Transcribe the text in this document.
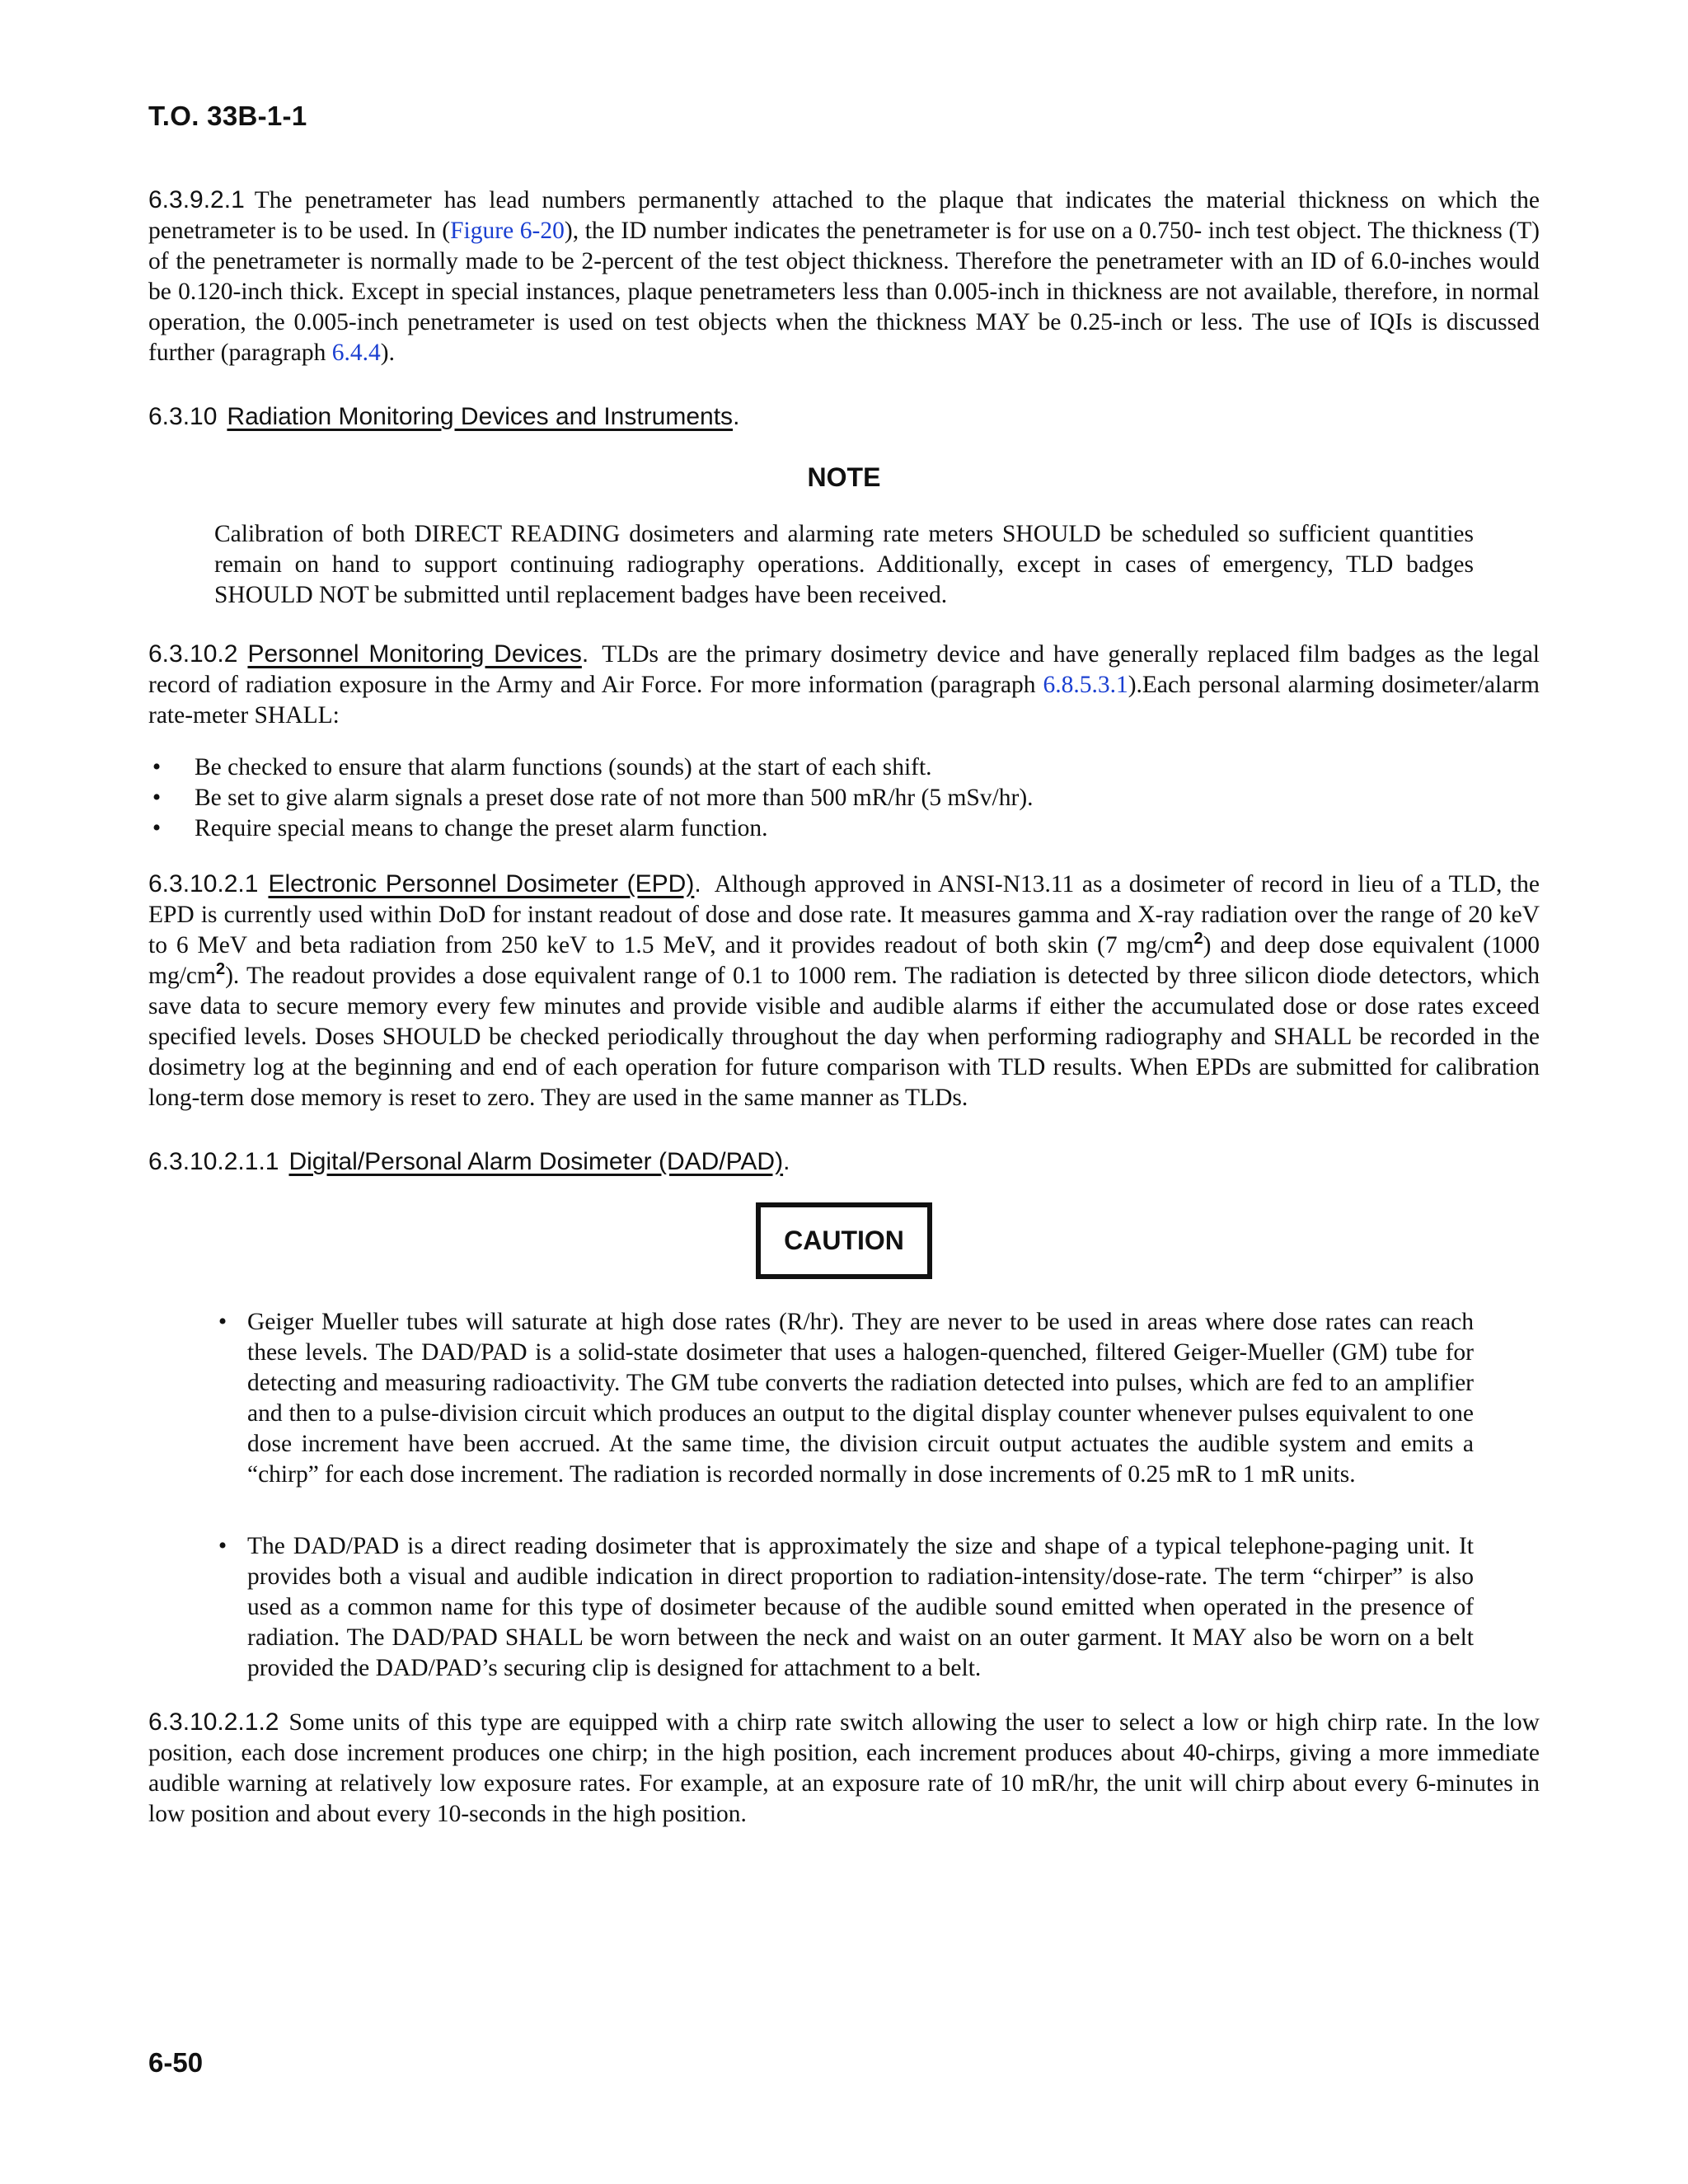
T.O. 33B-1-1

6.3.9.2.1 The penetrameter has lead numbers permanently attached to the plaque that indicates the material thickness on which the penetrameter is to be used. In (Figure 6-20), the ID number indicates the penetrameter is for use on a 0.750- inch test object. The thickness (T) of the penetrameter is normally made to be 2-percent of the test object thickness. Therefore the penetrameter with an ID of 6.0-inches would be 0.120-inch thick. Except in special instances, plaque penetrameters less than 0.005-inch in thickness are not available, therefore, in normal operation, the 0.005-inch penetrameter is used on test objects when the thickness MAY be 0.25-inch or less. The use of IQIs is discussed further (paragraph 6.4.4).

6.3.10 Radiation Monitoring Devices and Instruments.

NOTE

Calibration of both DIRECT READING dosimeters and alarming rate meters SHOULD be scheduled so sufficient quantities remain on hand to support continuing radiography operations. Additionally, except in cases of emergency, TLD badges SHOULD NOT be submitted until replacement badges have been received.

6.3.10.2 Personnel Monitoring Devices. TLDs are the primary dosimetry device and have generally replaced film badges as the legal record of radiation exposure in the Army and Air Force. For more information (paragraph 6.8.5.3.1).Each personal alarming dosimeter/alarm rate-meter SHALL:

• Be checked to ensure that alarm functions (sounds) at the start of each shift.
• Be set to give alarm signals a preset dose rate of not more than 500 mR/hr (5 mSv/hr).
• Require special means to change the preset alarm function.

6.3.10.2.1 Electronic Personnel Dosimeter (EPD). Although approved in ANSI-N13.11 as a dosimeter of record in lieu of a TLD, the EPD is currently used within DoD for instant readout of dose and dose rate. It measures gamma and X-ray radiation over the range of 20 keV to 6 MeV and beta radiation from 250 keV to 1.5 MeV, and it provides readout of both skin (7 $mg/cm^2$) and deep dose equivalent (1000 $mg/cm^2$). The readout provides a dose equivalent range of 0.1 to 1000 rem. The radiation is detected by three silicon diode detectors, which save data to secure memory every few minutes and provide visible and audible alarms if either the accumulated dose or dose rates exceed specified levels. Doses SHOULD be checked periodically throughout the day when performing radiography and SHALL be recorded in the dosimetry log at the beginning and end of each operation for future comparison with TLD results. When EPDs are submitted for calibration long-term dose memory is reset to zero. They are used in the same manner as TLDs.

6.3.10.2.1.1 Digital/Personal Alarm Dosimeter (DAD/PAD).

CAUTION
• Geiger Mueller tubes will saturate at high dose rates (R/hr). They are never to be used in areas where dose rates can reach these levels. The DAD/PAD is a solid-state dosimeter that uses a halogen-quenched, filtered Geiger-Mueller (GM) tube for detecting and measuring radioactivity. The GM tube converts the radiation detected into pulses, which are fed to an amplifier and then to a pulse-division circuit which produces an output to the digital display counter whenever pulses equivalent to one dose increment have been accrued. At the same time, the division circuit output actuates the audible system and emits a “chirp” for each dose increment. The radiation is recorded normally in dose increments of 0.25 mR to 1 mR units.
• The DAD/PAD is a direct reading dosimeter that is approximately the size and shape of a typical telephone-paging unit. It provides both a visual and audible indication in direct proportion to radiation-intensity/dose-rate. The term “chirper” is also used as a common name for this type of dosimeter because of the audible sound emitted when operated in the presence of radiation. The DAD/PAD SHALL be worn between the neck and waist on an outer garment. It MAY also be worn on a belt provided the DAD/PAD’s securing clip is designed for attachment to a belt.

6.3.10.2.1.2 Some units of this type are equipped with a chirp rate switch allowing the user to select a low or high chirp rate. In the low position, each dose increment produces one chirp; in the high position, each increment produces about 40-chirps, giving a more immediate audible warning at relatively low exposure rates. For example, at an exposure rate of 10 mR/hr, the unit will chirp about every 6-minutes in low position and about every 10-seconds in the high position.

6-50
